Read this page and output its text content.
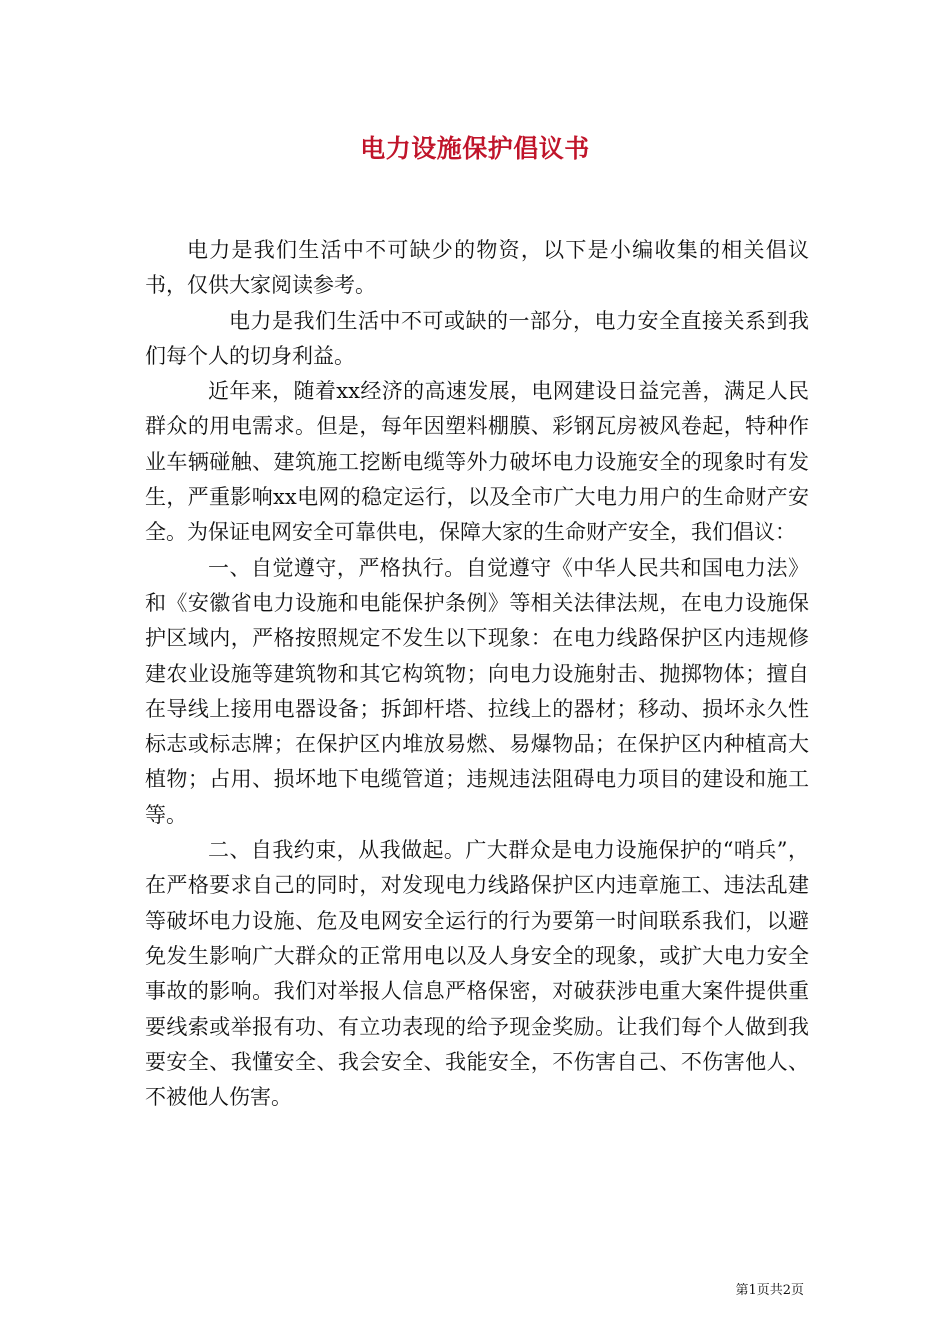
电力设施保护倡议书

电力是我们生活中不可缺少的物资，以下是小编收集的相关倡议书，仅供大家阅读参考。

电力是我们生活中不可或缺的一部分，电力安全直接关系到我们每个人的切身利益。

近年来，随着xx经济的高速发展，电网建设日益完善，满足人民群众的用电需求。但是，每年因塑料棚膜、彩钢瓦房被风卷起，特种作业车辆碰触、建筑施工挖断电缆等外力破坏电力设施安全的现象时有发生，严重影响xx电网的稳定运行，以及全市广大电力用户的生命财产安全。为保证电网安全可靠供电，保障大家的生命财产安全，我们倡议：

一、自觉遵守，严格执行。自觉遵守《中华人民共和国电力法》和《安徽省电力设施和电能保护条例》等相关法律法规，在电力设施保护区域内，严格按照规定不发生以下现象：在电力线路保护区内违规修建农业设施等建筑物和其它构筑物；向电力设施射击、抛掷物体；擅自在导线上接用电器设备；拆卸杆塔、拉线上的器材；移动、损坏永久性标志或标志牌；在保护区内堆放易燃、易爆物品；在保护区内种植高大植物；占用、损坏地下电缆管道；违规违法阻碍电力项目的建设和施工等。

二、自我约束，从我做起。广大群众是电力设施保护的“哨兵”，在严格要求自己的同时，对发现电力线路保护区内违章施工、违法乱建等破坏电力设施、危及电网安全运行的行为要第一时间联系我们，以避免发生影响广大群众的正常用电以及人身安全的现象，或扩大电力安全事故的影响。我们对举报人信息严格保密，对破获涉电重大案件提供重要线索或举报有功、有立功表现的给予现金奖励。让我们每个人做到我要安全、我懂安全、我会安全、我能安全，不伤害自己、不伤害他人、不被他人伤害。

第1页共2页
